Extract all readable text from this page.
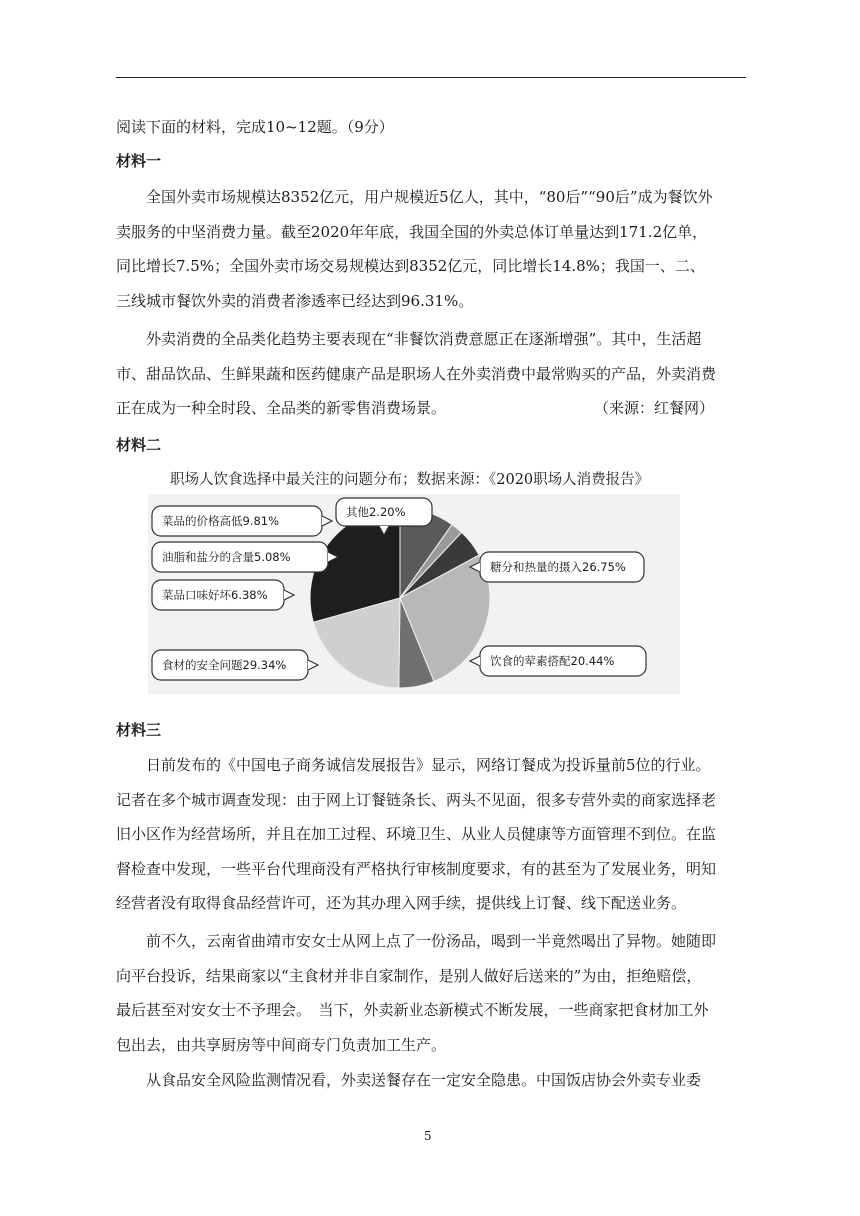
阅读下面的材料，完成10~12题。（9分）
材料一

全国外卖市场规模达8352亿元，用户规模近5亿人，其中，“80后”“90后”成为餐饮外卖服务的中坚消费力量。截至2020年年底，我国全国的外卖总体订单量达到171.2亿单，同比增长7.5%；全国外卖市场交易规模达到8352亿元，同比增长14.8%；我国一、二、三线城市餐饮外卖的消费者渗透率已经达到96.31%。

外卖消费的全品类化趋势主要表现在“非餐饮消费意愿正在逐渐增强”。其中，生活超市、甜品饮品、生鲜果蔬和医药健康产品是职场人在外卖消费中最常购买的产品，外卖消费正在成为一种全时段、全品类的新零售消费场景。	（来源：红餐网）
材料二
职场人饮食选择中最关注的问题分布；数据来源：《2020职场人消费报告》
菜品的价格高低9.81%
其他2.20%
油脂和盐分的含量5.08%
糖分和热量的摄入26.75%
菜品口味好坏6.38%
饮食的荤素搭配20.44%
食材的安全问题29.34%
材料三

日前发布的《中国电子商务诚信发展报告》显示，网络订餐成为投诉量前5位的行业。记者在多个城市调查发现：由于网上订餐链条长、两头不见面，很多专营外卖的商家选择老旧小区作为经营场所，并且在加工过程、环境卫生、从业人员健康等方面管理不到位。在监督检查中发现，一些平台代理商没有严格执行审核制度要求，有的甚至为了发展业务，明知经营者没有取得食品经营许可，还为其办理入网手续，提供线上订餐、线下配送业务。

前不久，云南省曲靖市安女士从网上点了一份汤品，喝到一半竟然喝出了异物。她随即向平台投诉，结果商家以“主食材并非自家制作，是别人做好后送来的”为由，拒绝赔偿，最后甚至对安女士不予理会。　当下，外卖新业态新模式不断发展，一些商家把食材加工外包出去，由共享厨房等中间商专门负责加工生产。

从食品安全风险监测情况看，外卖送餐存在一定安全隐患。中国饭店协会外卖专业委

5
